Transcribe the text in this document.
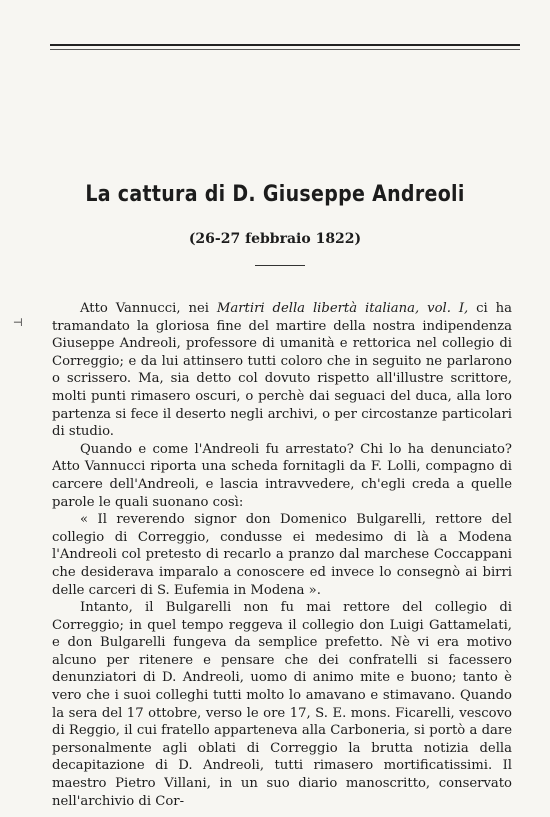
La cattura di D. Giuseppe Andreoli
(26-27 febbraio 1822)
⊣

Atto Vannucci, nei Martiri della libertà italiana, vol. I, ci ha tramandato la gloriosa fine del martire della nostra indipendenza Giuseppe Andreoli, professore di umanità e rettorica nel collegio di Correggio; e da lui attinsero tutti coloro che in seguito ne parlarono o scrissero. Ma, sia detto col dovuto rispetto all'illustre scrittore, molti punti rimasero oscuri, o perchè dai seguaci del duca, alla loro partenza si fece il deserto negli archivi, o per circostanze particolari di studio.

Quando e come l'Andreoli fu arrestato? Chi lo ha denunciato? Atto Vannucci riporta una scheda fornitagli da F. Lolli, compagno di carcere dell'Andreoli, e lascia intravvedere, ch'egli creda a quelle parole le quali suonano così:

« Il reverendo signor don Domenico Bulgarelli, rettore del collegio di Correggio, condusse ei medesimo di là a Modena l'Andreoli col pretesto di recarlo a pranzo dal marchese Coccappani che desiderava imparalo a conoscere ed invece lo consegnò ai birri delle carceri di S. Eufemia in Modena ».

Intanto, il Bulgarelli non fu mai rettore del collegio di Correggio; in quel tempo reggeva il collegio don Luigi Gattamelati, e don Bulgarelli fungeva da semplice prefetto. Nè vi era motivo alcuno per ritenere e pensare che dei confratelli si facessero denunziatori di D. Andreoli, uomo di animo mite e buono; tanto è vero che i suoi colleghi tutti molto lo amavano e stimavano. Quando la sera del 17 ottobre, verso le ore 17, S. E. mons. Ficarelli, vescovo di Reggio, il cui fratello apparteneva alla Carboneria, si portò a dare personalmente agli oblati di Correggio la brutta notizia della decapitazione di D. Andreoli, tutti rimasero mortificatissimi. Il maestro Pietro Villani, in un suo diario manoscritto, conservato nell'archivio di Cor-
